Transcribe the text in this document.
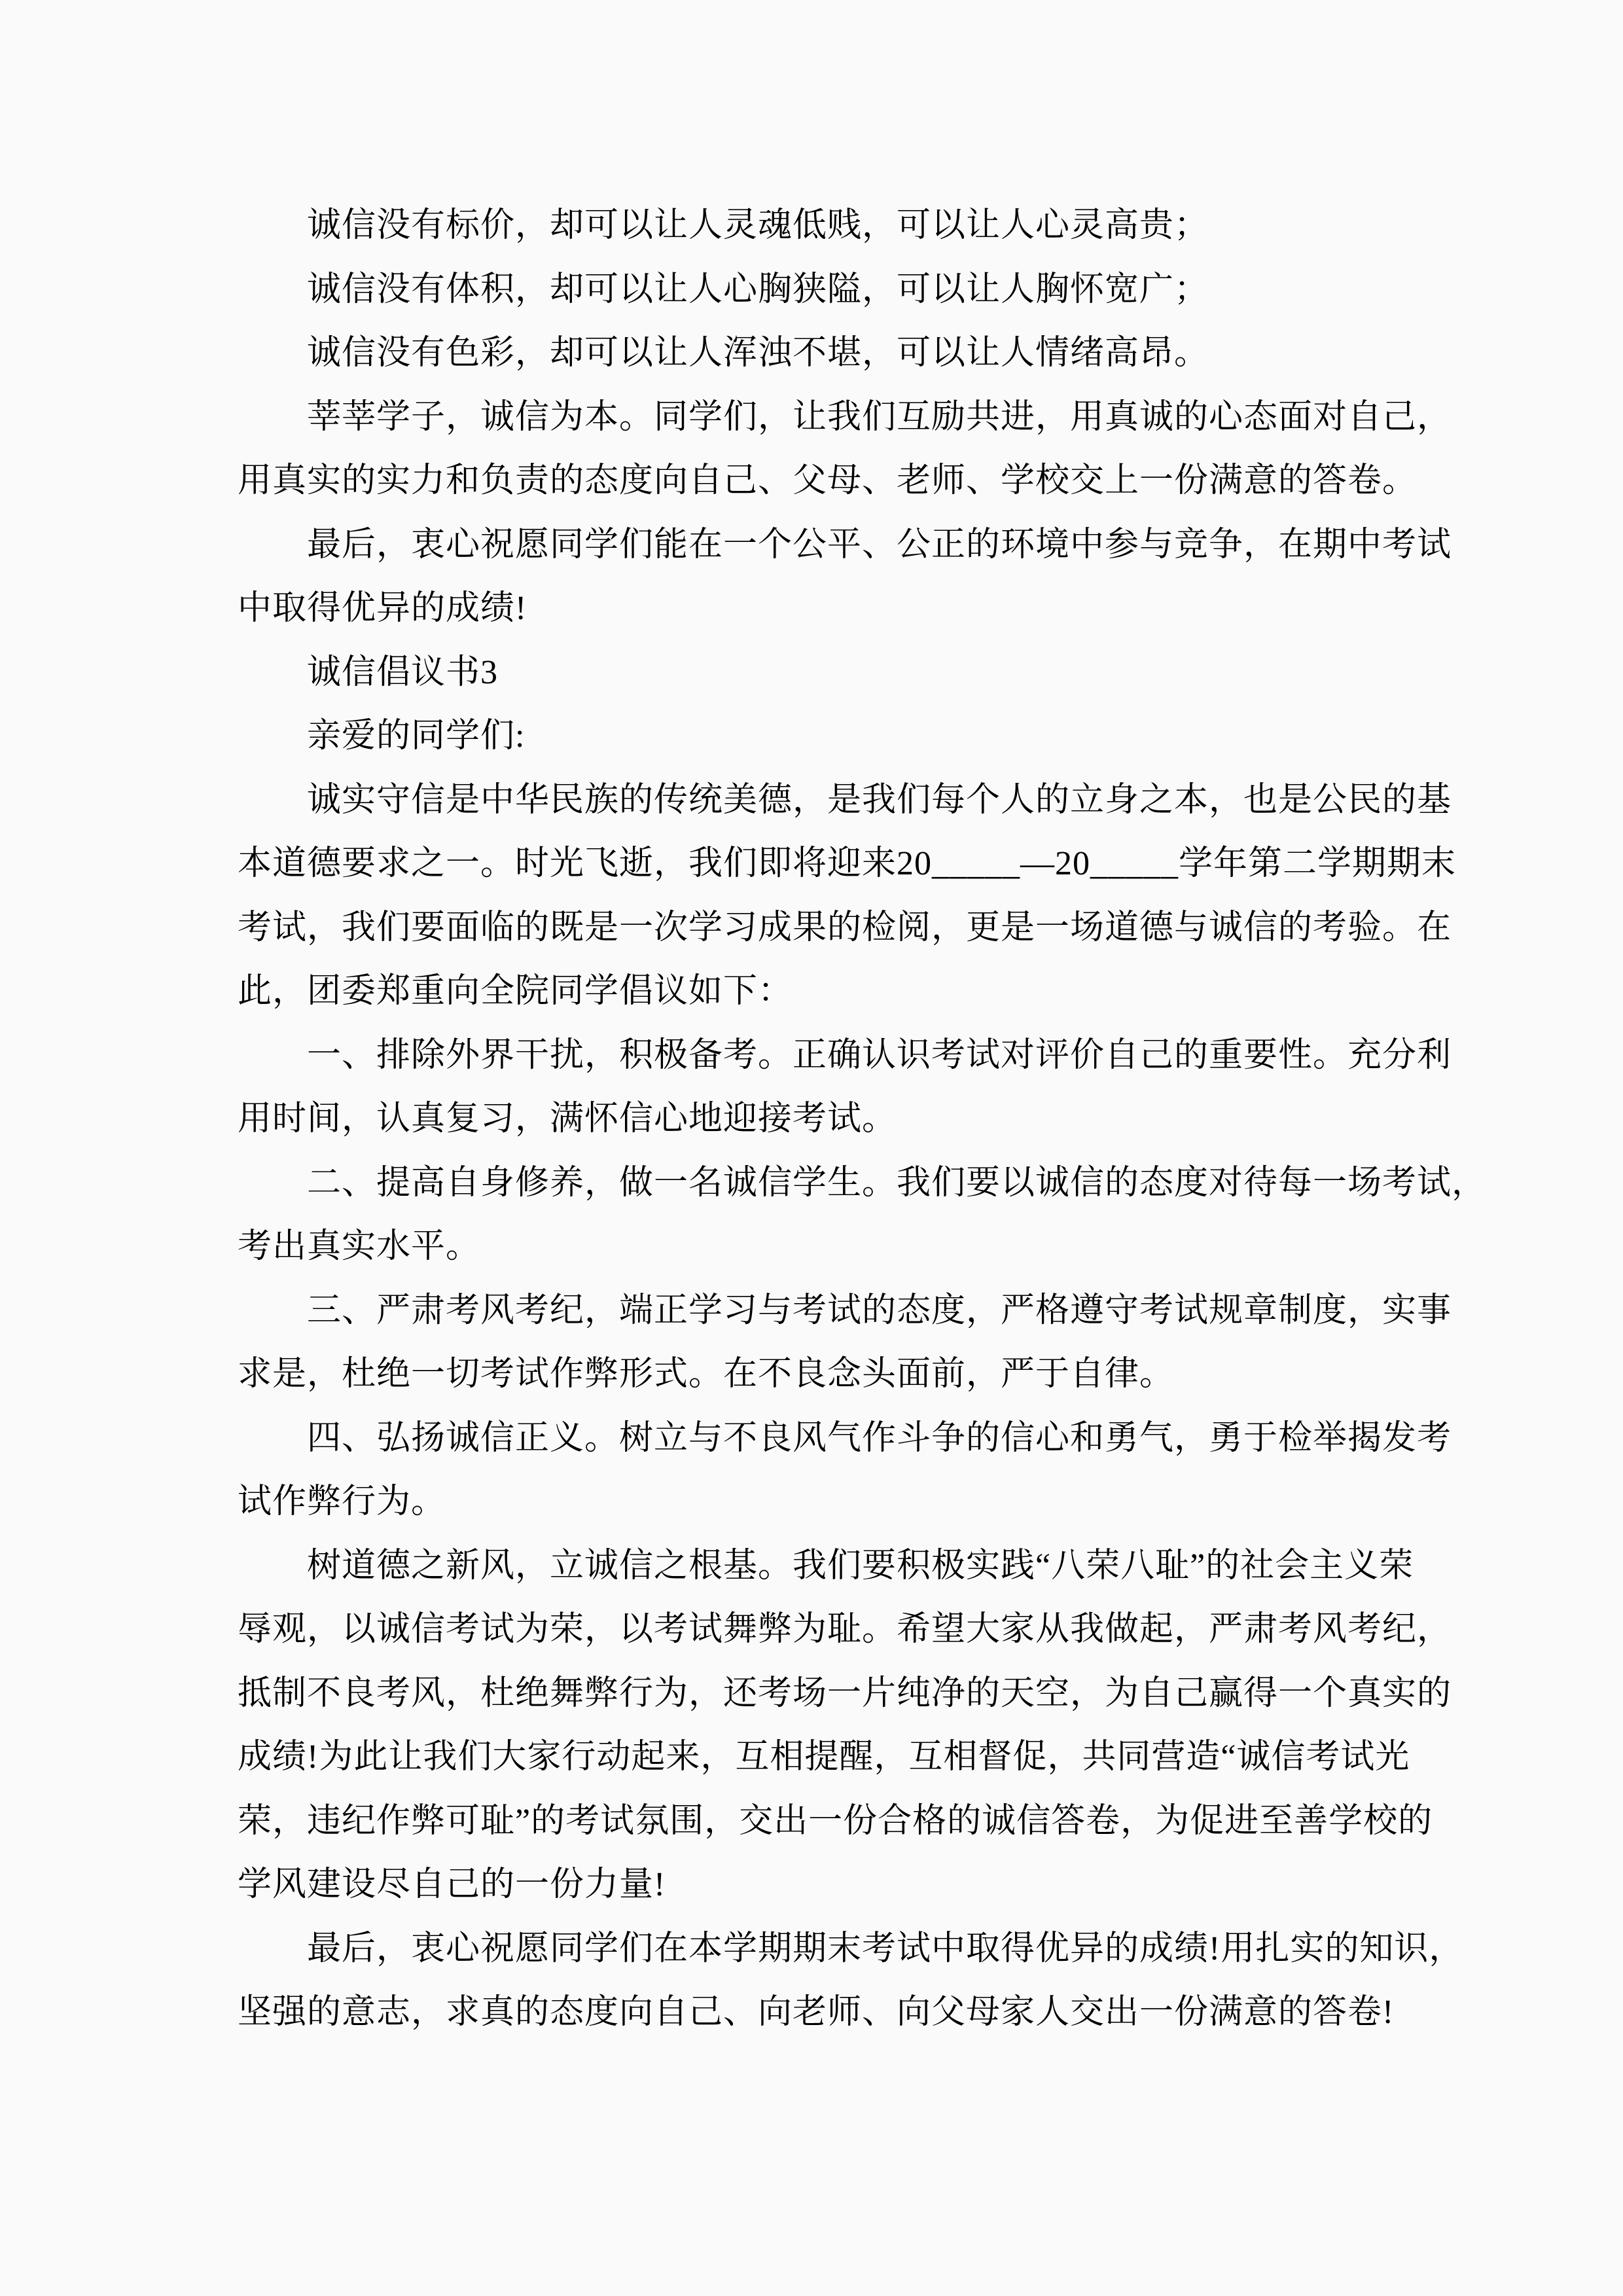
诚信没有标价，却可以让人灵魂低贱，可以让人心灵高贵；
诚信没有体积，却可以让人心胸狭隘，可以让人胸怀宽广；
诚信没有色彩，却可以让人浑浊不堪，可以让人情绪高昂。
莘莘学子，诚信为本。同学们，让我们互励共进，用真诚的心态面对自己，
用真实的实力和负责的态度向自己、父母、老师、学校交上一份满意的答卷。
最后，衷心祝愿同学们能在一个公平、公正的环境中参与竞争，在期中考试
中取得优异的成绩!
诚信倡议书3
亲爱的同学们:
诚实守信是中华民族的传统美德，是我们每个人的立身之本，也是公民的基
本道德要求之一。时光飞逝，我们即将迎来20_____—20_____学年第二学期期末
考试，我们要面临的既是一次学习成果的检阅，更是一场道德与诚信的考验。在
此，团委郑重向全院同学倡议如下：
一、排除外界干扰，积极备考。正确认识考试对评价自己的重要性。充分利
用时间，认真复习，满怀信心地迎接考试。
二、提高自身修养，做一名诚信学生。我们要以诚信的态度对待每一场考试，
考出真实水平。
三、严肃考风考纪，端正学习与考试的态度，严格遵守考试规章制度，实事
求是，杜绝一切考试作弊形式。在不良念头面前，严于自律。
四、弘扬诚信正义。树立与不良风气作斗争的信心和勇气，勇于检举揭发考
试作弊行为。
树道德之新风，立诚信之根基。我们要积极实践“八荣八耻”的社会主义荣
辱观，以诚信考试为荣，以考试舞弊为耻。希望大家从我做起，严肃考风考纪，
抵制不良考风，杜绝舞弊行为，还考场一片纯净的天空，为自己赢得一个真实的
成绩!为此让我们大家行动起来，互相提醒，互相督促，共同营造“诚信考试光
荣，违纪作弊可耻”的考试氛围，交出一份合格的诚信答卷，为促进至善学校的
学风建设尽自己的一份力量!
最后，衷心祝愿同学们在本学期期末考试中取得优异的成绩!用扎实的知识，
坚强的意志，求真的态度向自己、向老师、向父母家人交出一份满意的答卷!
